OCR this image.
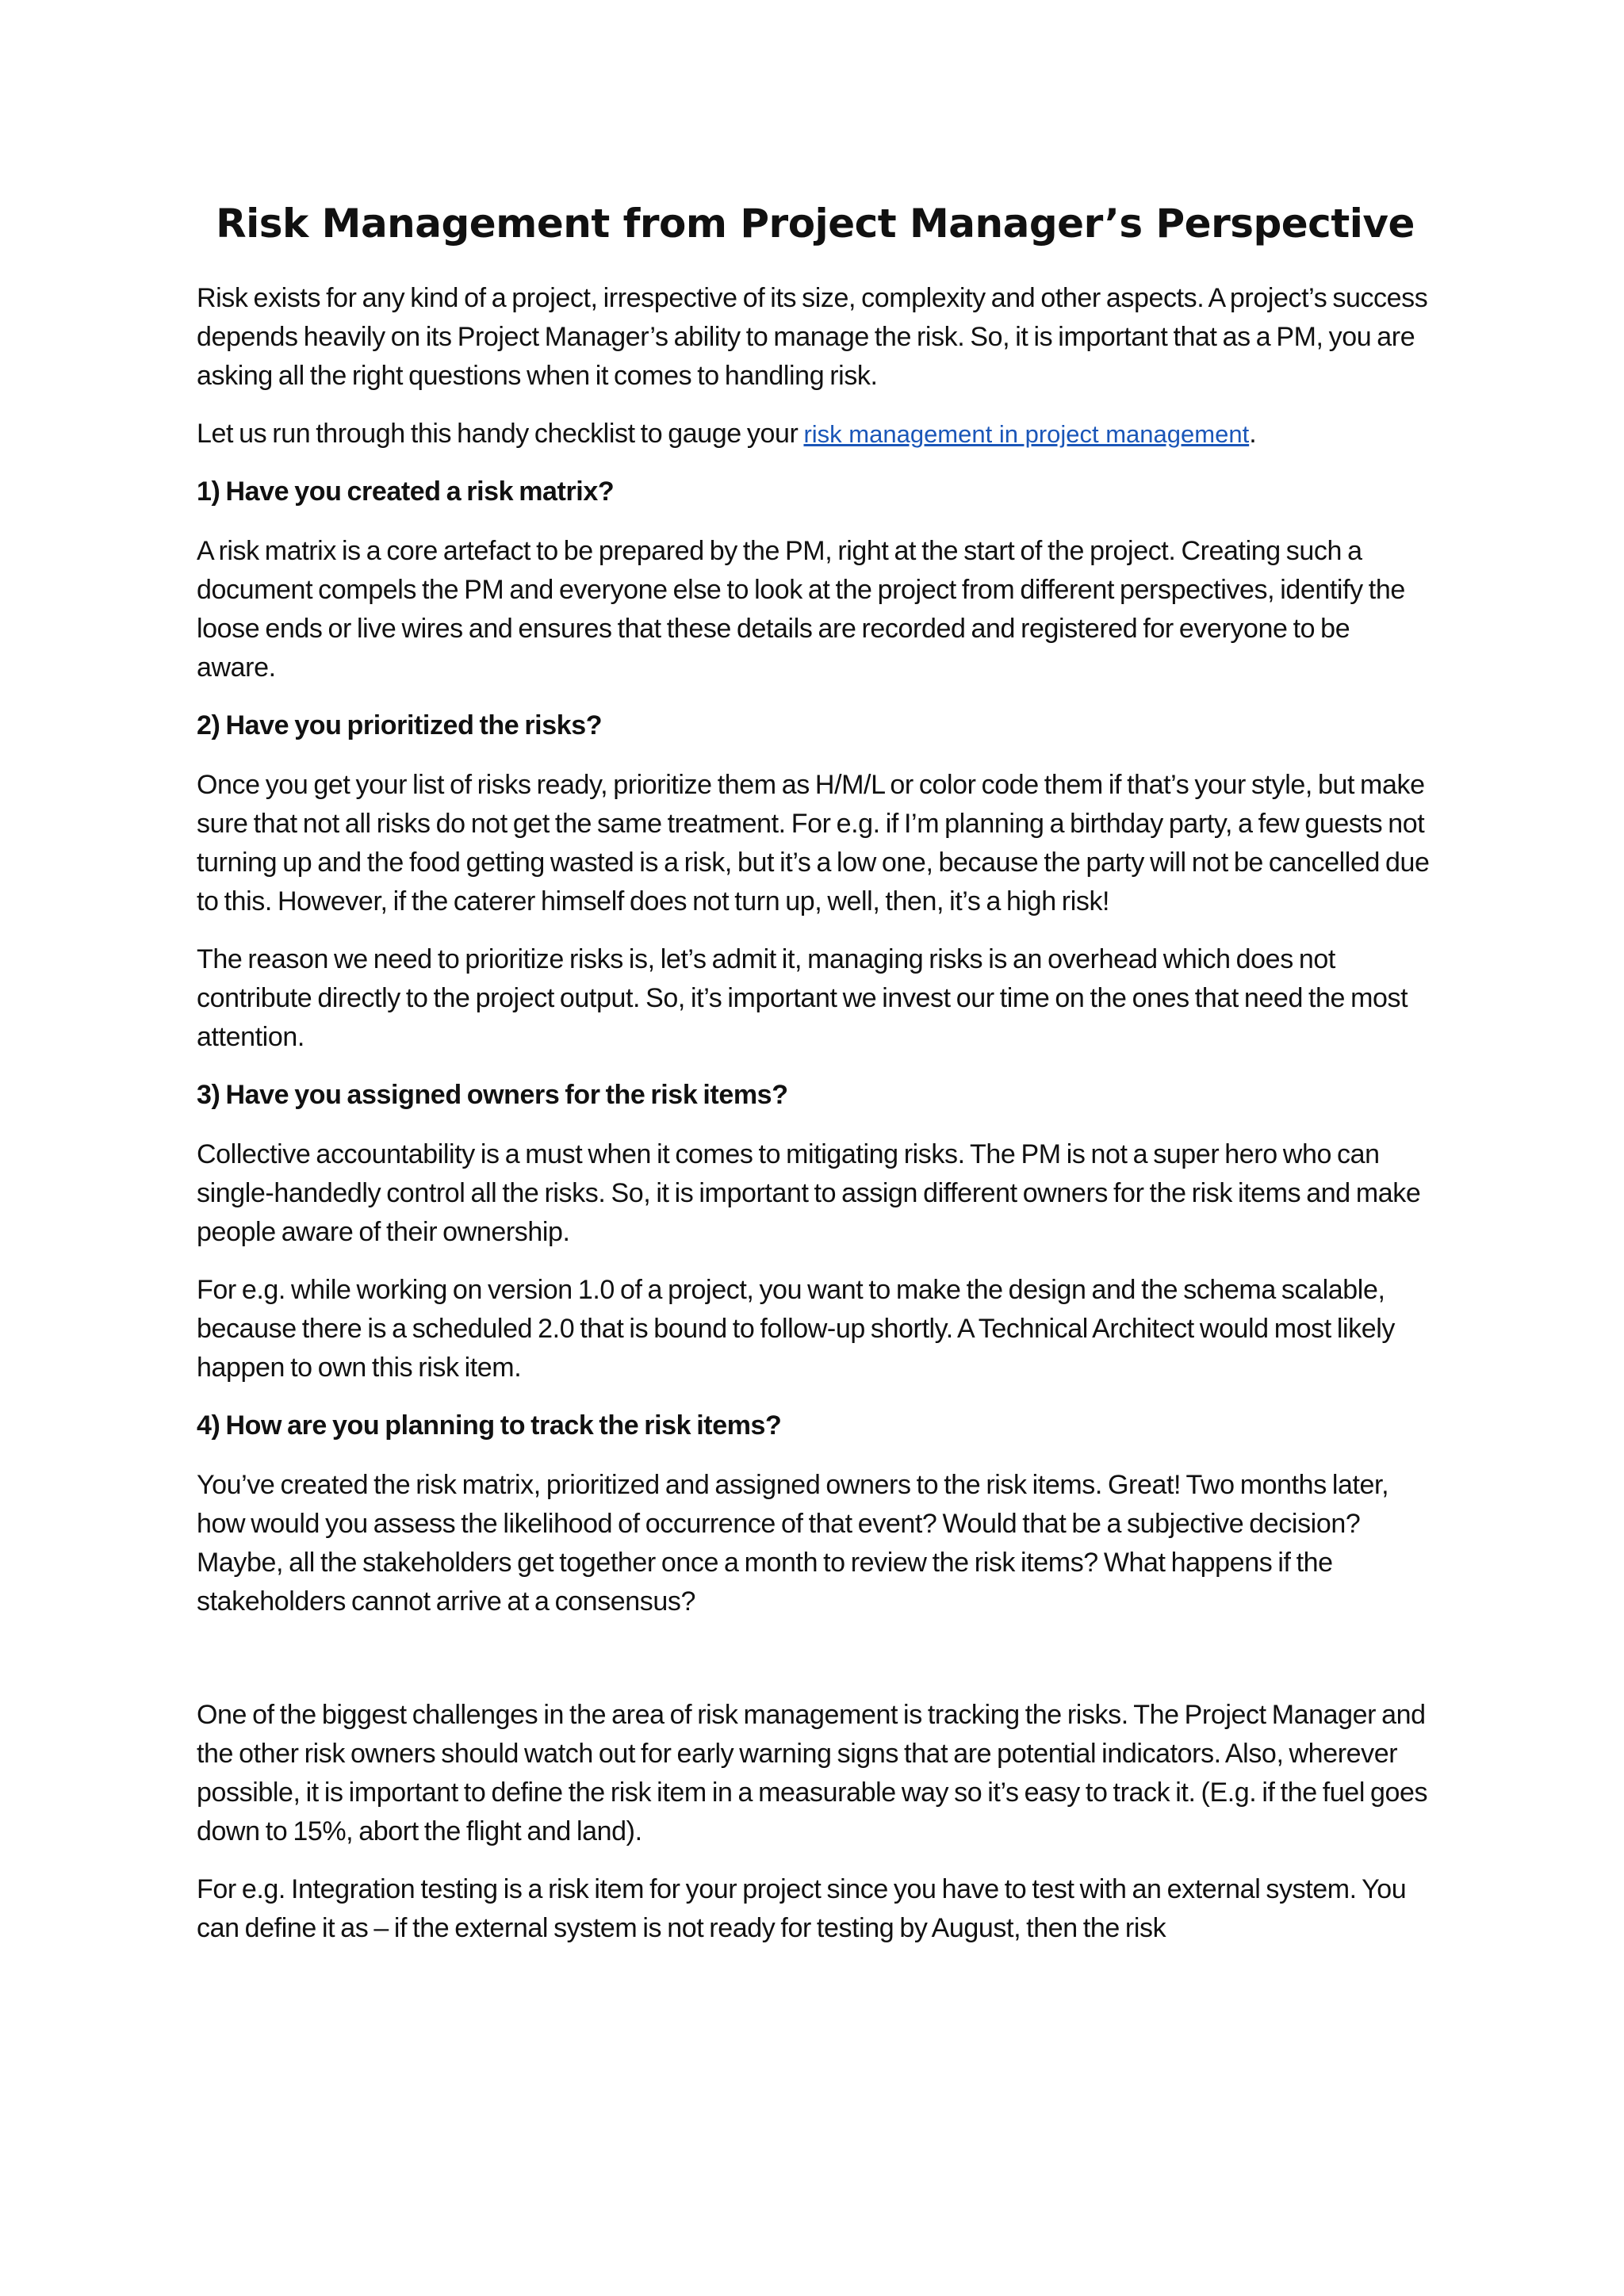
Risk Management from Project Manager’s Perspective

Risk exists for any kind of a project, irrespective of its size, complexity and other aspects. A project’s success depends heavily on its Project Manager’s ability to manage the risk. So, it is important that as a PM, you are asking all the right questions when it comes to handling risk.

Let us run through this handy checklist to gauge your risk management in project management.

1) Have you created a risk matrix?

A risk matrix is a core artefact to be prepared by the PM, right at the start of the project. Creating such a document compels the PM and everyone else to look at the project from different perspectives, identify the loose ends or live wires and ensures that these details are recorded and registered for everyone to be aware.

2) Have you prioritized the risks?

Once you get your list of risks ready, prioritize them as H/M/L or color code them if that’s your style, but make sure that not all risks do not get the same treatment. For e.g. if I’m planning a birthday party, a few guests not turning up and the food getting wasted is a risk, but it’s a low one, because the party will not be cancelled due to this. However, if the caterer himself does not turn up, well, then, it’s a high risk!

The reason we need to prioritize risks is, let’s admit it, managing risks is an overhead which does not contribute directly to the project output. So, it’s important we invest our time on the ones that need the most attention.

3) Have you assigned owners for the risk items?

Collective accountability is a must when it comes to mitigating risks. The PM is not a super hero who can single-handedly control all the risks. So, it is important to assign different owners for the risk items and make people aware of their ownership.

For e.g. while working on version 1.0 of a project, you want to make the design and the schema scalable, because there is a scheduled 2.0 that is bound to follow-up shortly. A Technical Architect would most likely happen to own this risk item.

4) How are you planning to track the risk items?

You’ve created the risk matrix, prioritized and assigned owners to the risk items. Great! Two months later, how would you assess the likelihood of occurrence of that event? Would that be a subjective decision? Maybe, all the stakeholders get together once a month to review the risk items? What happens if the stakeholders cannot arrive at a consensus?

One of the biggest challenges in the area of risk management is tracking the risks. The Project Manager and the other risk owners should watch out for early warning signs that are potential indicators. Also, wherever possible, it is important to define the risk item in a measurable way so it’s easy to track it. (E.g. if the fuel goes down to 15%, abort the flight and land).

For e.g. Integration testing is a risk item for your project since you have to test with an external system. You can define it as – if the external system is not ready for testing by August, then the risk
